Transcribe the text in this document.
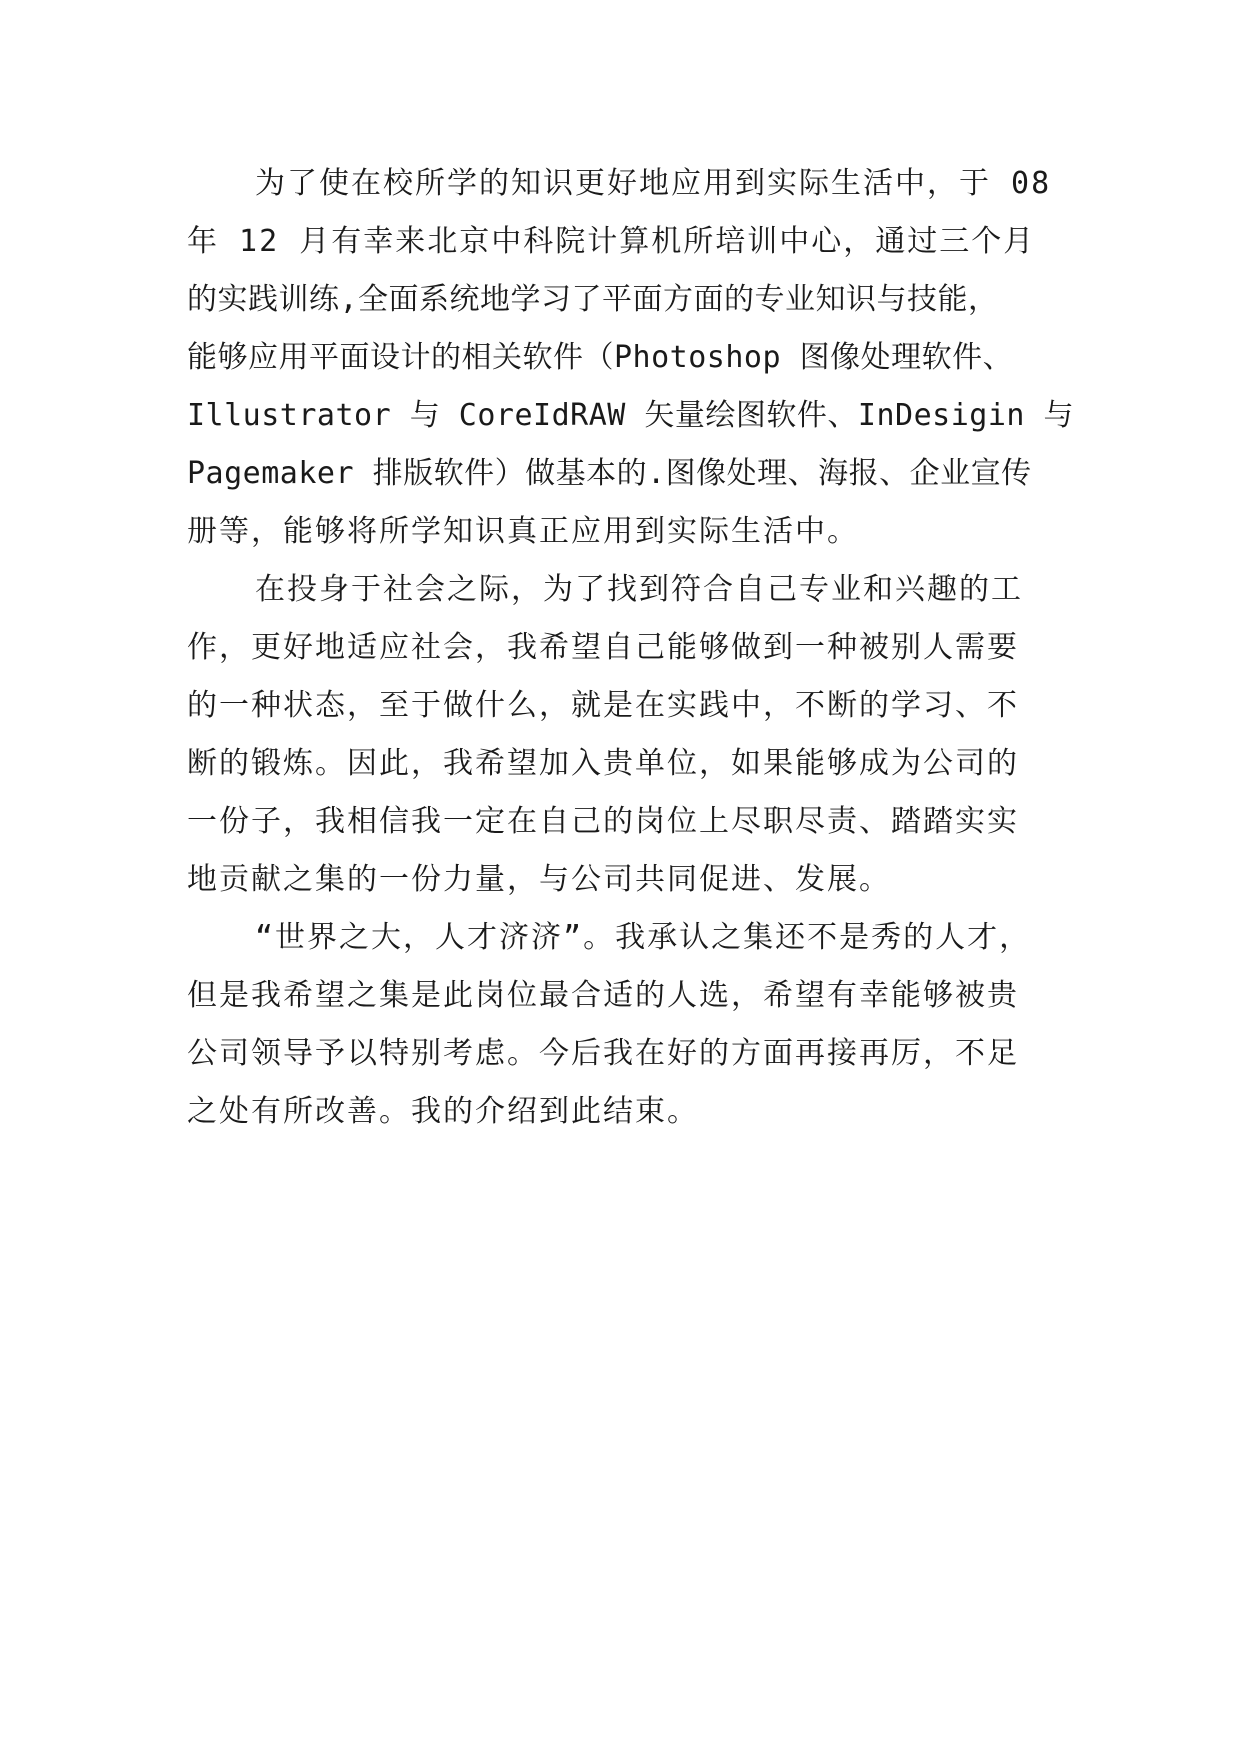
为了使在校所学的知识更好地应用到实际生活中，于 08
年 12 月有幸来北京中科院计算机所培训中心，通过三个月
的实践训练,全面系统地学习了平面方面的专业知识与技能，
能够应用平面设计的相关软件（Photoshop 图像处理软件、
Illustrator 与 CoreIdRAW 矢量绘图软件、InDesigin 与
Pagemaker 排版软件）做基本的.图像处理、海报、企业宣传
册等，能够将所学知识真正应用到实际生活中。
在投身于社会之际，为了找到符合自己专业和兴趣的工
作，更好地适应社会，我希望自己能够做到一种被别人需要
的一种状态，至于做什么，就是在实践中，不断的学习、不
断的锻炼。因此，我希望加入贵单位，如果能够成为公司的
一份子，我相信我一定在自己的岗位上尽职尽责、踏踏实实
地贡献之集的一份力量，与公司共同促进、发展。
“世界之大，人才济济”。我承认之集还不是秀的人才，
但是我希望之集是此岗位最合适的人选，希望有幸能够被贵
公司领导予以特别考虑。今后我在好的方面再接再厉，不足
之处有所改善。我的介绍到此结束。
